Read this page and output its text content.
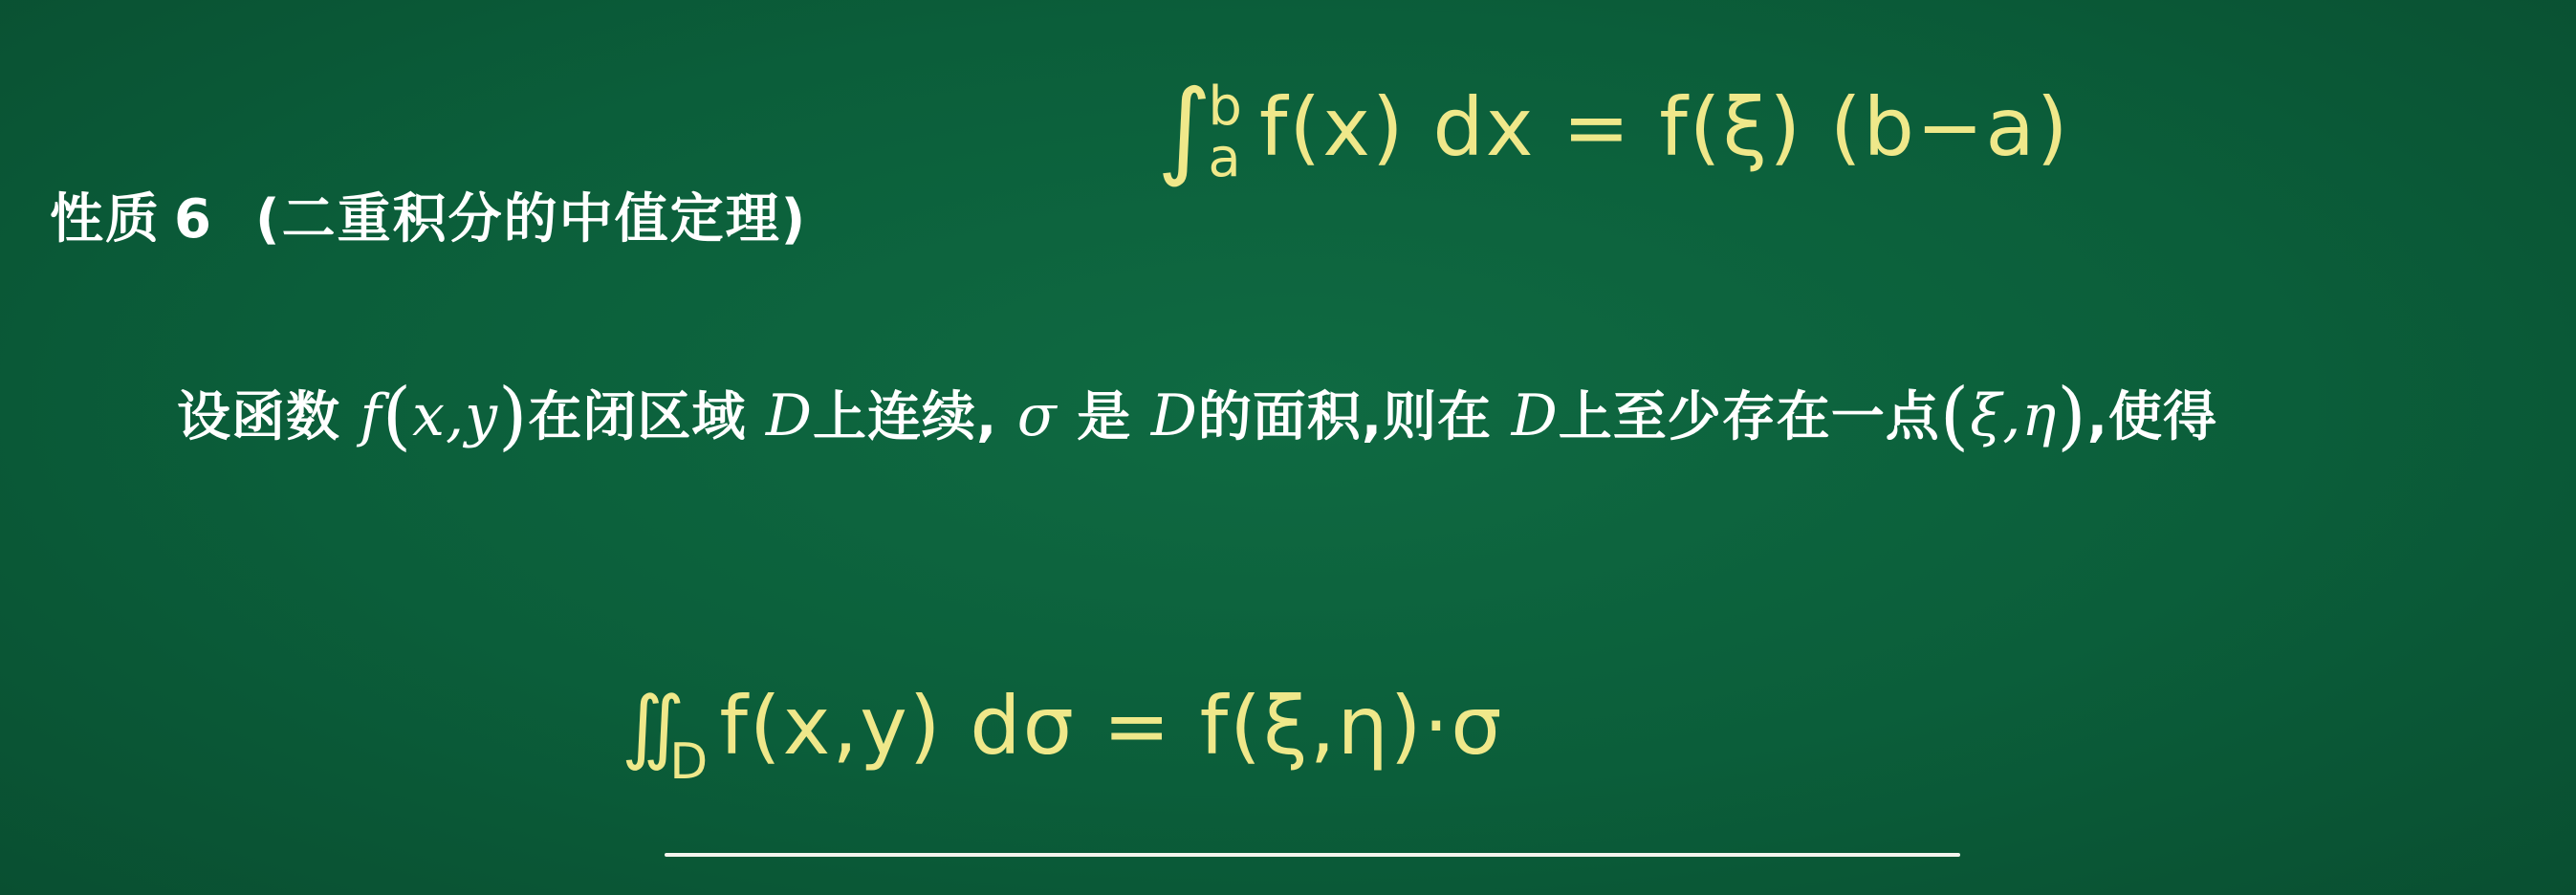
∫b
a f(x) dx = f(ξ) (b−a)
性质 6 (二重积分的中值定理)
设函数 f(x,y)在闭区域 D上连续, σ 是 D的面积,则在 D上至少存在一点(ξ,η),使得
$∬_D$ f(x,y) dσ = f(ξ,η)·σ
